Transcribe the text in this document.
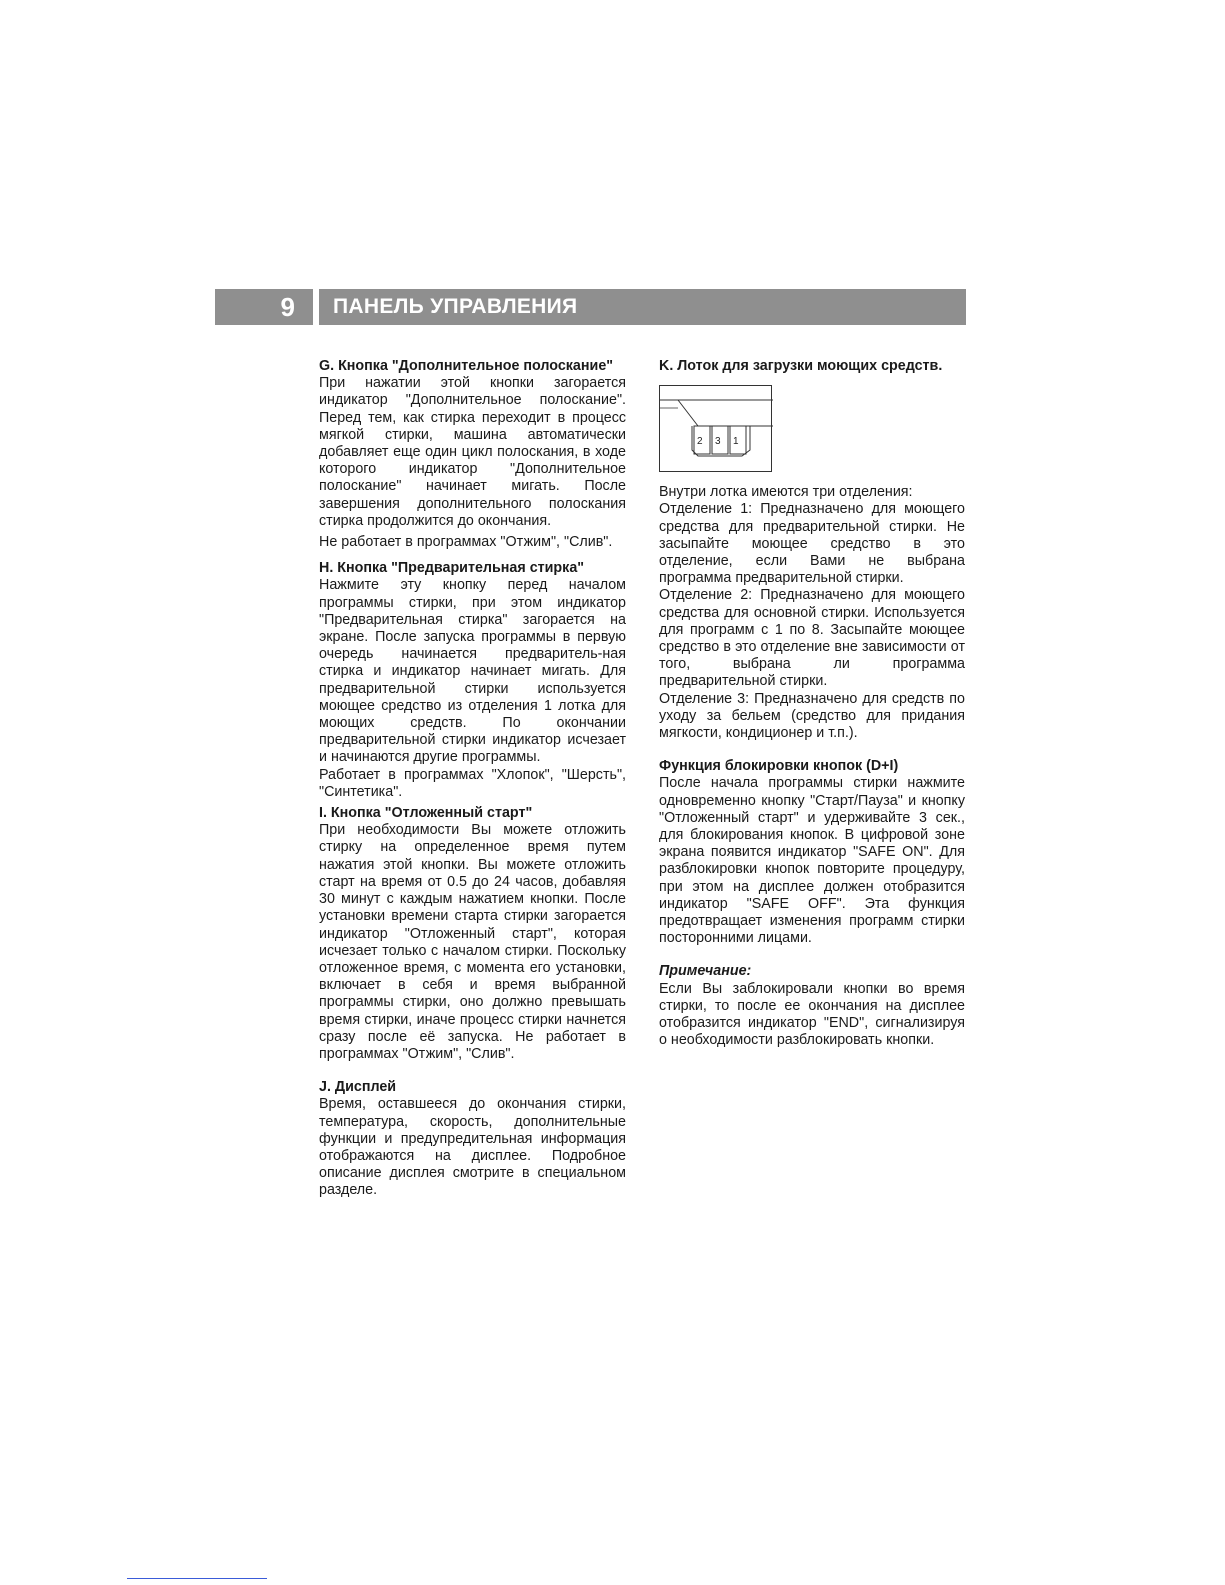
9	ПАНЕЛЬ УПРАВЛЕНИЯ

G. Кнопка "Дополнительное полоскание"

При нажатии этой кнопки загорается индикатор "Дополнительное полоскание". Перед тем, как стирка переходит в процесс мягкой стирки, машина автоматически добавляет еще один цикл полоскания, в ходе которого индикатор "Дополнительное полоскание" начинает мигать. После завершения дополнительного полоскания стирка продолжится до окончания.

Не работает в программах "Отжим", "Слив".

H. Кнопка "Предварительная стирка"

Нажмите эту кнопку перед началом программы стирки, при этом индикатор "Предварительная стирка" загорается на экране. После запуска программы в первую очередь начинается предваритель-ная стирка и индикатор начинает мигать. Для предварительной стирки используется моющее средство из отделения 1 лотка для моющих средств. По окончании предварительной стирки индикатор исчезает и начинаются другие программы.

Работает в программах "Хлопок", "Шерсть", "Синтетика".

I. Кнопка "Отложенный старт"

При необходимости Вы можете отложить стирку на определенное время путем нажатия этой кнопки. Вы можете отложить старт на время от 0.5 до 24 часов, добавляя 30 минут с каждым нажатием кнопки. После установки времени старта стирки загорается индикатор "Отложенный старт", которая исчезает только с началом стирки. Поскольку отложенное время, с момента его установки, включает в себя и время выбранной программы стирки, оно должно превышать время стирки, иначе процесс стирки начнется сразу после её запуска. Не работает в программах "Отжим", "Слив".

J. Дисплей

Время, оставшееся до окончания стирки, температура, скорость, дополнительные функции и предупредительная информация отображаются на дисплее. Подробное описание дисплея смотрите в специальном разделе.

K. Лоток для загрузки моющих средств.

2 3 1

Внутри лотка имеются три отделения:

Отделение 1: Предназначено для моющего средства для предварительной стирки. Не засыпайте моющее средство в это отделение, если Вами не выбрана программа предварительной стирки.

Отделение 2: Предназначено для моющего средства для основной стирки. Используется для программ с 1 по 8. Засыпайте моющее средство в это отделение вне зависимости от того, выбрана ли программа предварительной стирки.

Отделение 3: Предназначено для средств по уходу за бельем (средство для придания мягкости, кондиционер и т.п.).

Функция блокировки кнопок (D+I)

После начала программы стирки нажмите одновременно кнопку "Старт/Пауза" и кнопку "Отложенный старт" и удерживайте 3 сек., для блокирования кнопок. В цифровой зоне экрана появится индикатор "SAFE ON". Для разблокировки кнопок повторите процедуру, при этом на дисплее должен отобразится индикатор "SAFE OFF". Эта функция предотвращает изменения программ стирки посторонними лицами.

Примечание:

Если Вы заблокировали кнопки во время стирки, то после ее окончания на дисплее отобразится индикатор "END", сигнализируя о необходимости разблокировать кнопки.
